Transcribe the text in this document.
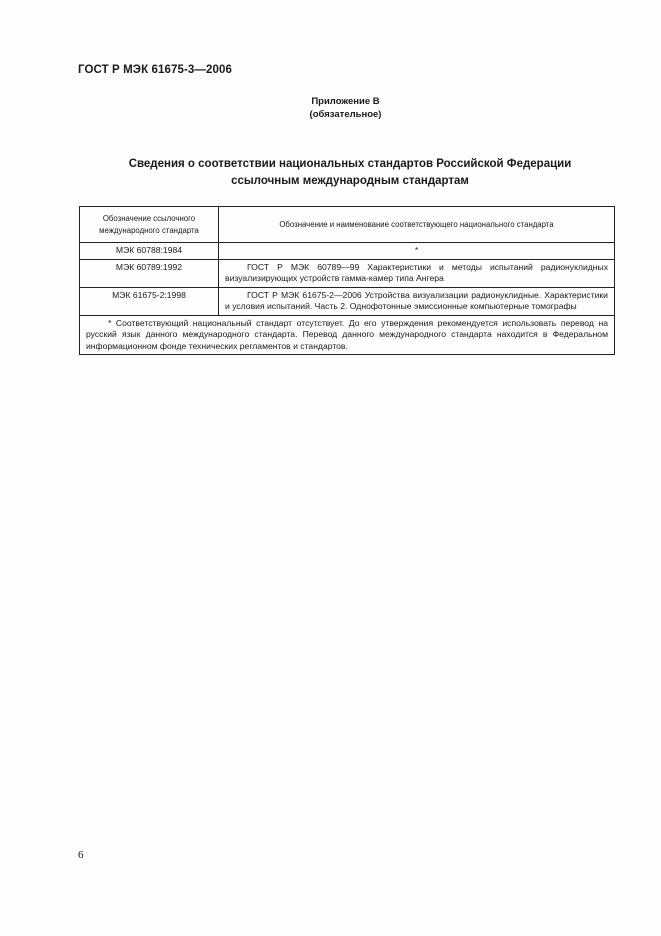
ГОСТ Р МЭК 61675-3—2006
Приложение В
(обязательное)
Сведения о соответствии национальных стандартов Российской Федерации
ссылочным международным стандартам
Обозначение ссылочного международного стандарта	Обозначение и наименование соответствующего национального стандарта
МЭК 60788:1984	*
МЭК 60789:1992	ГОСТ Р МЭК 60789—99 Характеристики и методы испытаний радионуклидных визуализирующих устройств гамма-камер типа Ангера
МЭК 61675-2:1998	ГОСТ Р МЭК 61675-2—2006 Устройства визуализации радионуклидные. Характеристики и условия испытаний. Часть 2. Однофотонные эмиссионные компьютерные томографы
* Соответствующий национальный стандарт отсутствует. До его утверждения рекомендуется использовать перевод на русский язык данного международного стандарта. Перевод данного международного стандарта находится в Федеральном информационном фонде технических регламентов и стандартов.	
6
